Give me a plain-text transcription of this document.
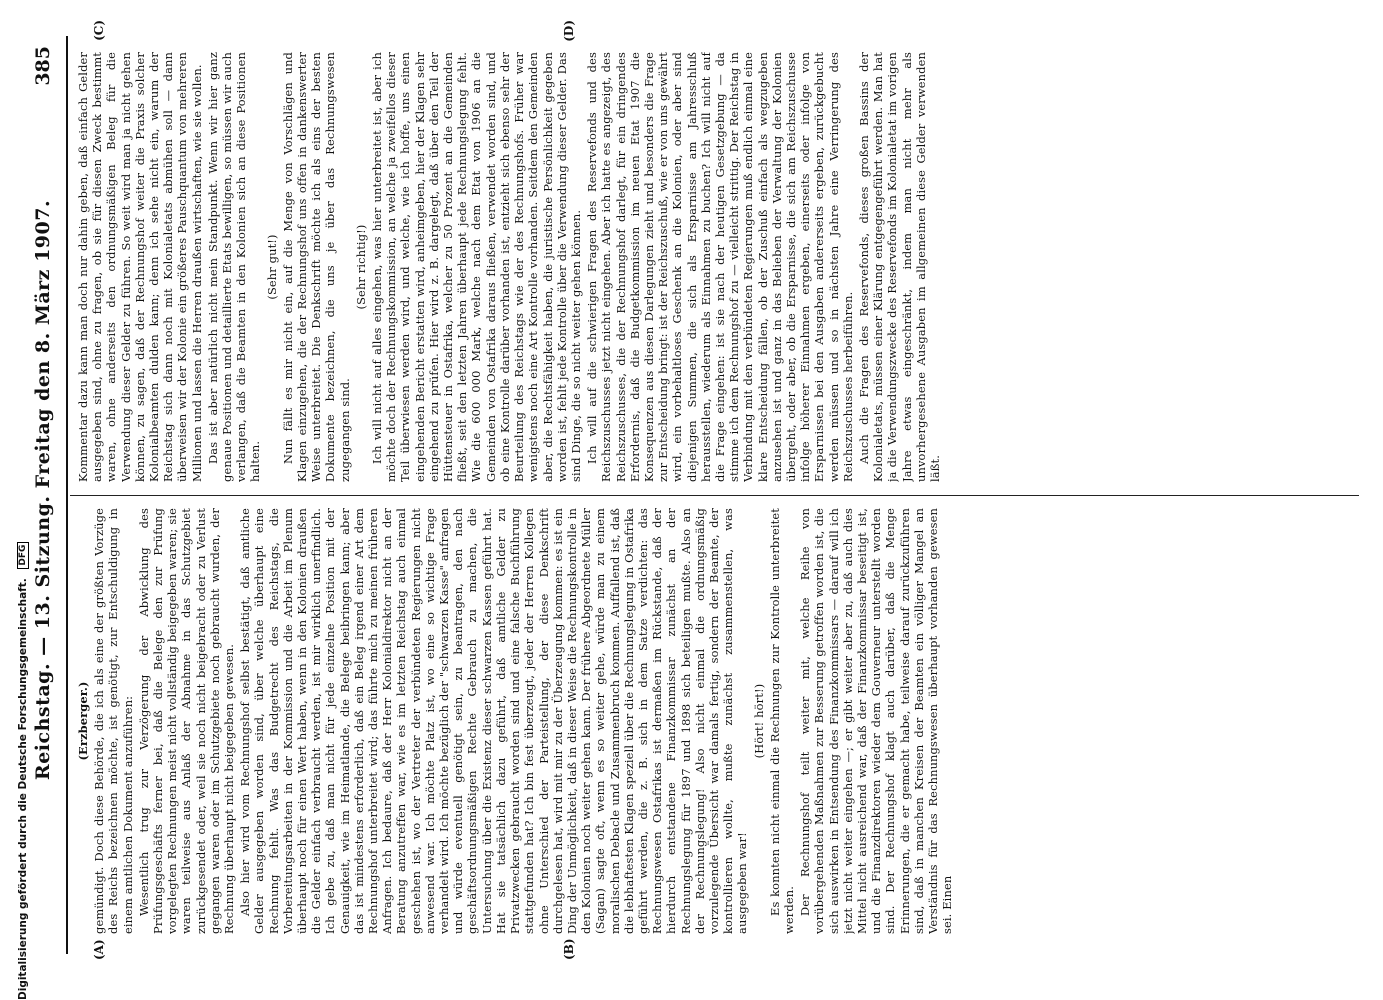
Reichstag. — 13. Sitzung. Freitag den 8. März 1907.
385
(A)	(B)
(C)	(D)

(Erzberger.) gemündigt. Doch diese Behörde, die ich als eine der größten Vorzüge des Reichs bezeichnen möchte, ist genötigt, zur Entschuldigung in einem amtlichen Dokument anzuführen: Wesentlich trug zur Verzögerung der Abwicklung des Prüfungsgeschäfts ferner bei, daß die Belege den zur Prüfung vorgelegten Rechnungen meist nicht vollständig beigegeben waren; sie waren teilweise aus Anlaß der Abnahme in das Schutzgebiet zurückgesendet oder, weil sie noch nicht beigebracht oder zu Verlust gegangen waren oder im Schutzgebiete noch gebraucht wurden, der Rechnung überhaupt nicht beigegeben gewesen. Also hier wird vom Rechnungshof selbst bestätigt, daß amtliche Gelder ausgegeben worden sind, über welche überhaupt eine Rechnung fehlt. Was das Budgetrecht des Reichstags, die Vorbereitungsarbeiten in der Kommission und die Arbeit im Plenum überhaupt noch für einen Wert haben, wenn in den Kolonien draußen die Gelder einfach verbraucht werden, ist mir wirklich unerfindlich. Ich gebe zu, daß man nicht für jede einzelne Position mit der Genauigkeit, wie im Heimatlande, die Belege beibringen kann; aber das ist mindestens erforderlich, daß ein Beleg irgend einer Art dem Rechnungshof unterbreitet wird; das führte mich zu meinen früheren Anfragen. Ich bedaure, daß der Herr Kolonialdirektor nicht an der Beratung anzutreffen war, wie es im letzten Reichstag auch einmal geschehen ist, wo der Vertreter der verbündeten Regierungen nicht anwesend war. Ich möchte Platz ist, wo eine so wichtige Frage verhandelt wird. Ich möchte bezüglich der "schwarzen Kasse" anfragen und würde eventuell genötigt sein, zu beantragen, den nach geschäftsordnungsmäßigen Rechte Gebrauch zu machen, die Untersuchung über die Existenz dieser schwarzen Kassen geführt hat. Hat sie tatsächlich dazu geführt, daß amtliche Gelder zu Privatzwecken gebraucht worden sind und eine falsche Buchführung stattgefunden hat? Ich bin fest überzeugt, jeder der Herren Kollegen ohne Unterschied der Parteistellung, der diese Denkschrift durchgelesen hat, wird mit mir zu der Überzeugung kommen: es ist ein Ding der Unmöglichkeit, daß in dieser Weise die Rechnungskontrolle in den Kolonien noch weiter gehen kann. Der frühere Abgeordnete Müller (Sagan) sagte oft, wenn es so weiter gehe, würde man zu einem moralischen Debacle und Zusammenbruch kommen. Auffallend ist, daß die lebhaftesten Klagen speziell über die Rechnungslegung in Ostafrika geführt werden, die z. B. sich in dem Satze verdichten: das Rechnungswesen Ostafrikas ist dermaßen im Rückstande, daß der hierdurch entstandene Finanzkommissar zunächst an der Rechnungslegung für 1897 und 1898 sich beteiligen mußte. Also an der Rechnungslegung! Also nicht einmal die ordnungsmäßig vorzulegende Übersicht war damals fertig, sondern der Beamte, der kontrollieren wollte, mußte zunächst zusammenstellen, was ausgegeben war!

(Hört! hört!) Es konnten nicht einmal die Rechnungen zur Kontrolle unterbreitet werden. Der Rechnungshof teilt weiter mit, welche Reihe von vorübergehenden Maßnahmen zur Besserung getroffen worden ist, die sich auswirken in Entsendung des Finanzkommissars — darauf will ich jetzt nicht weiter eingehen —; er gibt weiter aber zu, daß auch dies Mittel nicht ausreichend war, daß der Finanzkommissar beseitigt ist, und die Finanzdirektoren wieder dem Gouverneur unterstellt worden sind. Der Rechnungshof klagt auch darüber, daß die Menge Erinnerungen, die er gemacht habe, teilweise darauf zurückzuführen sind, daß in manchen Kreisen der Beamten ein völliger Mangel an Verständnis für das Rechnungswesen überhaupt vorhanden gewesen sei. Einen

Kommentar dazu kann man doch nur dahin geben, daß einfach Gelder ausgegeben sind, ohne zu fragen, ob sie für diesen Zweck bestimmt waren, ohne anderseits den ordnungsmäßigen Beleg für die Verwendung dieser Gelder zu führen. So weit wird man ja nicht gehen können, zu sagen, daß der Rechnungshof weiter die Praxis solcher Kolonialbeamten dulden kann; denn ich sehe nicht ein, warum der Reichstag sich dann noch mit Kolonialetats abmühen soll — dann überweisen wir der Kolonie ein größeres Pauschquantum von mehreren Millionen und lassen die Herren draußen wirtschaften, wie sie wollen. Das ist aber natürlich nicht mein Standpunkt. Wenn wir hier ganz genaue Positionen und detaillierte Etats bewilligen, so müssen wir auch verlangen, daß die Beamten in den Kolonien sich an diese Positionen halten.

(Sehr gut!) Nun fällt es mir nicht ein, auf die Menge von Vorschlägen und Klagen einzugehen, die der Rechnungshof uns offen in dankenswerter Weise unterbreitet. Die Denkschrift möchte ich als eins der besten Dokumente bezeichnen, die uns je über das Rechnungswesen zugegangen sind.

(Sehr richtig!) Ich will nicht auf alles eingehen, was hier unterbreitet ist, aber ich möchte doch der Rechnungskommission, an welche ja zweifellos dieser Teil überwiesen werden wird, und welche, wie ich hoffe, uns einen eingehenden Bericht erstatten wird, anheimgeben, hier der Klagen sehr eingehend zu prüfen. Hier wird z. B. dargelegt, daß über den Teil der Hüttensteuer in Ostafrika, welcher zu 50 Prozent an die Gemeinden fließt, seit den letzten Jahren überhaupt jede Rechnungslegung fehlt. Wie die 600 000 Mark, welche nach dem Etat von 1906 an die Gemeinden von Ostafrika daraus fließen, verwendet worden sind, und ob eine Kontrolle darüber vorhanden ist, entzieht sich ebenso sehr der Beurteilung des Reichstags wie der des Rechnungshofs. Früher war wenigstens noch eine Art Kontrolle vorhanden. Seitdem den Gemeinden aber, die Rechtsfähigkeit haben, die juristische Persönlichkeit gegeben worden ist, fehlt jede Kontrolle über die Verwendung dieser Gelder. Das sind Dinge, die so nicht weiter gehen können. Ich will auf die schwierigen Fragen des Reservefonds und des Reichszuschusses jetzt nicht eingehen. Aber ich hatte es angezeigt, des Reichszuschusses, die der Rechnungshof darlegt, für ein dringendes Erfordernis, daß die Budgetkommission im neuen Etat 1907 die Konsequenzen aus diesen Darlegungen zieht und besonders die Frage zur Entscheidung bringt: ist der Reichszuschuß, wie er von uns gewährt wird, ein vorbehaltloses Geschenk an die Kolonien, oder aber sind diejenigen Summen, die sich als Ersparnisse am Jahresschluß herausstellen, wiederum als Einnahmen zu buchen? Ich will nicht auf die Frage eingehen: ist sie nach der heutigen Gesetzgebung — da stimme ich dem Rechnungshof zu — vielleicht strittig. Der Reichstag in Verbindung mit den verbündeten Regierungen muß endlich einmal eine klare Entscheidung fällen, ob der Zuschuß einfach als wegzugeben anzusehen ist und ganz in das Belieben der Verwaltung der Kolonien übergeht, oder aber, ob die Ersparnisse, die sich am Reichszuschusse infolge höherer Einnahmen ergeben, einerseits oder infolge von Ersparnissen bei den Ausgaben andererseits ergeben, zurückgebucht werden müssen und so in nächsten Jahre eine Verringerung des Reichszuschusses herbeiführen. Auch die Fragen des Reservefonds, dieses großen Bassins der Kolonialetats, müssen einer Klärung entgegengeführt werden. Man hat ja die Verwendungszwecke des Reservefonds im Kolonialetat im vorigen Jahre etwas eingeschränkt, indem man nicht mehr als unvorhergesehene Ausgaben im allgemeinen diese Gelder verwenden läßt.

Digitalisierung gefördert durch die Deutsche Forschungsgemeinschaft. DFG
